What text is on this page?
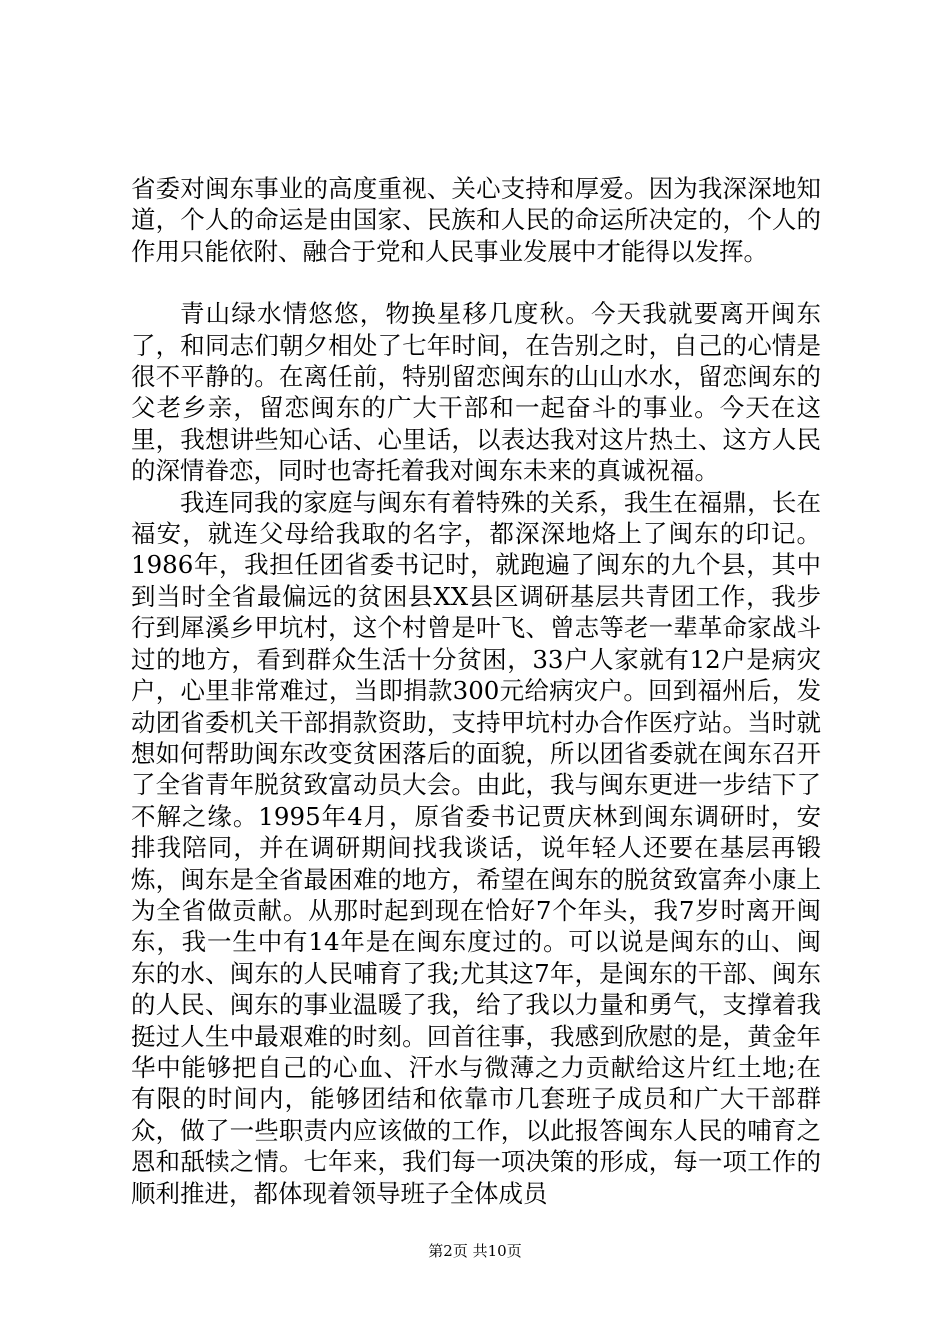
省委对闽东事业的高度重视、关心支持和厚爱。因为我深深地知道，个人的命运是由国家、民族和人民的命运所决定的，个人的作用只能依附、融合于党和人民事业发展中才能得以发挥。

青山绿水情悠悠，物换星移几度秋。今天我就要离开闽东了，和同志们朝夕相处了七年时间，在告别之时，自己的心情是很不平静的。在离任前，特别留恋闽东的山山水水，留恋闽东的父老乡亲，留恋闽东的广大干部和一起奋斗的事业。今天在这里，我想讲些知心话、心里话，以表达我对这片热土、这方人民的深情眷恋，同时也寄托着我对闽东未来的真诚祝福。

我连同我的家庭与闽东有着特殊的关系，我生在福鼎，长在福安，就连父母给我取的名字，都深深地烙上了闽东的印记。1986年，我担任团省委书记时，就跑遍了闽东的九个县，其中到当时全省最偏远的贫困县XX县区调研基层共青团工作，我步行到犀溪乡甲坑村，这个村曾是叶飞、曾志等老一辈革命家战斗过的地方，看到群众生活十分贫困，33户人家就有12户是病灾户，心里非常难过，当即捐款300元给病灾户。回到福州后，发动团省委机关干部捐款资助，支持甲坑村办合作医疗站。当时就想如何帮助闽东改变贫困落后的面貌，所以团省委就在闽东召开了全省青年脱贫致富动员大会。由此，我与闽东更进一步结下了不解之缘。1995年4月，原省委书记贾庆林到闽东调研时，安排我陪同，并在调研期间找我谈话，说年轻人还要在基层再锻炼，闽东是全省最困难的地方，希望在闽东的脱贫致富奔小康上为全省做贡献。从那时起到现在恰好7个年头，我7岁时离开闽东，我一生中有14年是在闽东度过的。可以说是闽东的山、闽东的水、闽东的人民哺育了我;尤其这7年，是闽东的干部、闽东的人民、闽东的事业温暖了我，给了我以力量和勇气，支撑着我挺过人生中最艰难的时刻。回首往事，我感到欣慰的是，黄金年华中能够把自己的心血、汗水与微薄之力贡献给这片红土地;在有限的时间内，能够团结和依靠市几套班子成员和广大干部群众，做了一些职责内应该做的工作，以此报答闽东人民的哺育之恩和舐犊之情。七年来，我们每一项决策的形成，每一项工作的顺利推进，都体现着领导班子全体成员

第2页 共10页
